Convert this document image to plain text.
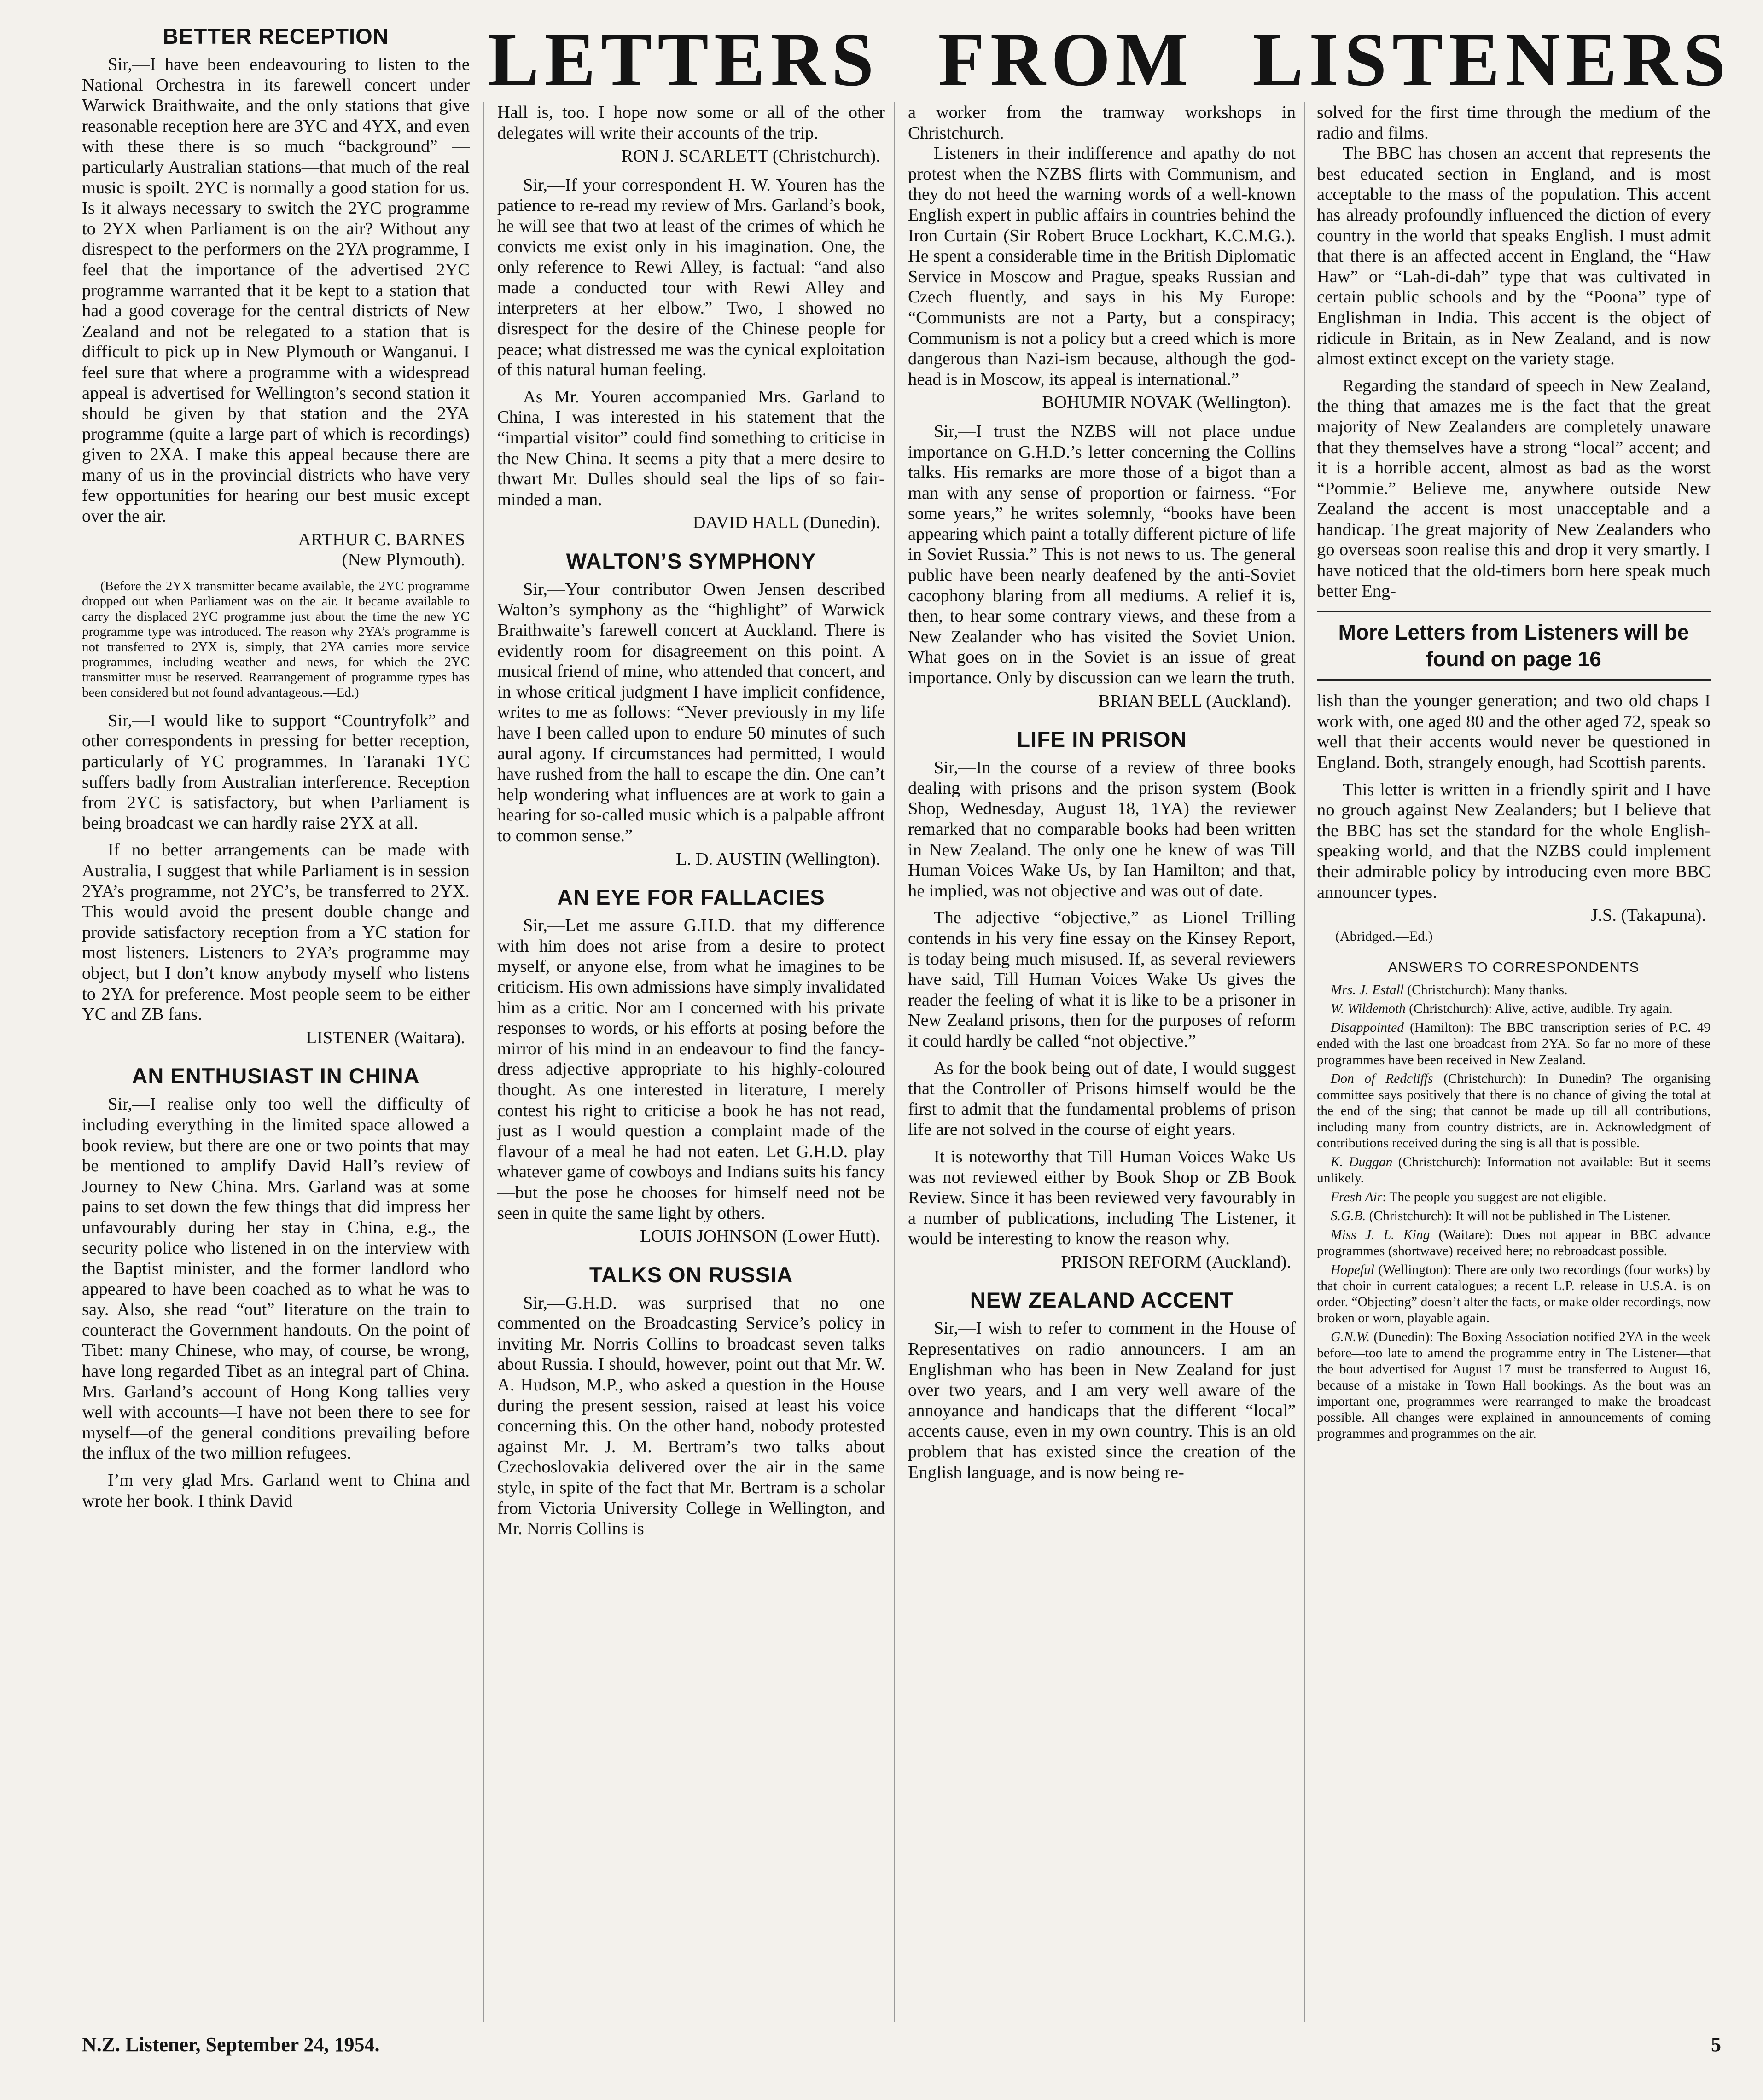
LETTERS FROM LISTENERS
BETTER RECEPTION

Sir,—I have been endeavouring to listen to the National Orchestra in its farewell concert under Warwick Braithwaite, and the only stations that give reasonable reception here are 3YC and 4YX, and even with these there is so much “background” — particularly Australian stations—that much of the real music is spoilt. 2YC is normally a good station for us. Is it always necessary to switch the 2YC programme to 2YX when Parliament is on the air? Without any disrespect to the performers on the 2YA programme, I feel that the importance of the advertised 2YC programme warranted that it be kept to a station that had a good coverage for the central districts of New Zealand and not be relegated to a station that is difficult to pick up in New Plymouth or Wanganui. I feel sure that where a programme with a widespread appeal is advertised for Wellington’s second station it should be given by that station and the 2YA programme (quite a large part of which is recordings) given to 2XA. I make this appeal because there are many of us in the provincial districts who have very few opportunities for hearing our best music except over the air.

ARTHUR C. BARNES

(New Plymouth).

(Before the 2YX transmitter became available, the 2YC programme dropped out when Parliament was on the air. It became available to carry the displaced 2YC programme just about the time the new YC programme type was introduced. The reason why 2YA’s programme is not transferred to 2YX is, simply, that 2YA carries more service programmes, including weather and news, for which the 2YC transmitter must be reserved. Rearrangement of programme types has been considered but not found advantageous.—Ed.)

Sir,—I would like to support “Countryfolk” and other correspondents in pressing for better reception, particularly of YC programmes. In Taranaki 1YC suffers badly from Australian interference. Reception from 2YC is satisfactory, but when Parliament is being broadcast we can hardly raise 2YX at all.

If no better arrangements can be made with Australia, I suggest that while Parliament is in session 2YA’s programme, not 2YC’s, be transferred to 2YX. This would avoid the present double change and provide satisfactory reception from a YC station for most listeners. Listeners to 2YA’s programme may object, but I don’t know anybody myself who listens to 2YA for preference. Most people seem to be either YC and ZB fans.

LISTENER (Waitara).

AN ENTHUSIAST IN CHINA

Sir,—I realise only too well the difficulty of including everything in the limited space allowed a book review, but there are one or two points that may be mentioned to amplify David Hall’s review of Journey to New China. Mrs. Garland was at some pains to set down the few things that did impress her unfavourably during her stay in China, e.g., the security police who listened in on the interview with the Baptist minister, and the former landlord who appeared to have been coached as to what he was to say. Also, she read “out” literature on the train to counteract the Government handouts. On the point of Tibet: many Chinese, who may, of course, be wrong, have long regarded Tibet as an integral part of China. Mrs. Garland’s account of Hong Kong tallies very well with accounts—I have not been there to see for myself—of the general conditions prevailing before the influx of the two million refugees.

I’m very glad Mrs. Garland went to China and wrote her book. I think David

Hall is, too. I hope now some or all of the other delegates will write their accounts of the trip.

RON J. SCARLETT (Christchurch).

Sir,—If your correspondent H. W. Youren has the patience to re-read my review of Mrs. Garland’s book, he will see that two at least of the crimes of which he convicts me exist only in his imagination. One, the only reference to Rewi Alley, is factual: “and also made a conducted tour with Rewi Alley and interpreters at her elbow.” Two, I showed no disrespect for the desire of the Chinese people for peace; what distressed me was the cynical exploitation of this natural human feeling.

As Mr. Youren accompanied Mrs. Garland to China, I was interested in his statement that the “impartial visitor” could find something to criticise in the New China. It seems a pity that a mere desire to thwart Mr. Dulles should seal the lips of so fair-minded a man.

DAVID HALL (Dunedin).

WALTON’S SYMPHONY

Sir,—Your contributor Owen Jensen described Walton’s symphony as the “highlight” of Warwick Braithwaite’s farewell concert at Auckland. There is evidently room for disagreement on this point. A musical friend of mine, who attended that concert, and in whose critical judgment I have implicit confidence, writes to me as follows: “Never previously in my life have I been called upon to endure 50 minutes of such aural agony. If circumstances had permitted, I would have rushed from the hall to escape the din. One can’t help wondering what influences are at work to gain a hearing for so-called music which is a palpable affront to common sense.”

L. D. AUSTIN (Wellington).

AN EYE FOR FALLACIES

Sir,—Let me assure G.H.D. that my difference with him does not arise from a desire to protect myself, or anyone else, from what he imagines to be criticism. His own admissions have simply invalidated him as a critic. Nor am I concerned with his private responses to words, or his efforts at posing before the mirror of his mind in an endeavour to find the fancy-dress adjective appropriate to his highly-coloured thought. As one interested in literature, I merely contest his right to criticise a book he has not read, just as I would question a complaint made of the flavour of a meal he had not eaten. Let G.H.D. play whatever game of cowboys and Indians suits his fancy—but the pose he chooses for himself need not be seen in quite the same light by others.

LOUIS JOHNSON (Lower Hutt).

TALKS ON RUSSIA

Sir,—G.H.D. was surprised that no one commented on the Broadcasting Service’s policy in inviting Mr. Norris Collins to broadcast seven talks about Russia. I should, however, point out that Mr. W. A. Hudson, M.P., who asked a question in the House during the present session, raised at least his voice concerning this. On the other hand, nobody protested against Mr. J. M. Bertram’s two talks about Czechoslovakia delivered over the air in the same style, in spite of the fact that Mr. Bertram is a scholar from Victoria University College in Wellington, and Mr. Norris Collins is

a worker from the tramway workshops in Christchurch.

Listeners in their indifference and apathy do not protest when the NZBS flirts with Communism, and they do not heed the warning words of a well-known English expert in public affairs in countries behind the Iron Curtain (Sir Robert Bruce Lockhart, K.C.M.G.). He spent a considerable time in the British Diplomatic Service in Moscow and Prague, speaks Russian and Czech fluently, and says in his My Europe: “Communists are not a Party, but a conspiracy; Communism is not a policy but a creed which is more dangerous than Nazi-ism because, although the god-head is in Moscow, its appeal is international.”

BOHUMIR NOVAK (Wellington).

Sir,—I trust the NZBS will not place undue importance on G.H.D.’s letter concerning the Collins talks. His remarks are more those of a bigot than a man with any sense of proportion or fairness. “For some years,” he writes solemnly, “books have been appearing which paint a totally different picture of life in Soviet Russia.” This is not news to us. The general public have been nearly deafened by the anti-Soviet cacophony blaring from all mediums. A relief it is, then, to hear some contrary views, and these from a New Zealander who has visited the Soviet Union. What goes on in the Soviet is an issue of great importance. Only by discussion can we learn the truth.

BRIAN BELL (Auckland).

LIFE IN PRISON

Sir,—In the course of a review of three books dealing with prisons and the prison system (Book Shop, Wednesday, August 18, 1YA) the reviewer remarked that no comparable books had been written in New Zealand. The only one he knew of was Till Human Voices Wake Us, by Ian Hamilton; and that, he implied, was not objective and was out of date.

The adjective “objective,” as Lionel Trilling contends in his very fine essay on the Kinsey Report, is today being much misused. If, as several reviewers have said, Till Human Voices Wake Us gives the reader the feeling of what it is like to be a prisoner in New Zealand prisons, then for the purposes of reform it could hardly be called “not objective.”

As for the book being out of date, I would suggest that the Controller of Prisons himself would be the first to admit that the fundamental problems of prison life are not solved in the course of eight years.

It is noteworthy that Till Human Voices Wake Us was not reviewed either by Book Shop or ZB Book Review. Since it has been reviewed very favourably in a number of publications, including The Listener, it would be interesting to know the reason why.

PRISON REFORM (Auckland).

NEW ZEALAND ACCENT

Sir,—I wish to refer to comment in the House of Representatives on radio announcers. I am an Englishman who has been in New Zealand for just over two years, and I am very well aware of the annoyance and handicaps that the different “local” accents cause, even in my own country. This is an old problem that has existed since the creation of the English language, and is now being re-

solved for the first time through the medium of the radio and films.

The BBC has chosen an accent that represents the best educated section in England, and is most acceptable to the mass of the population. This accent has already profoundly influenced the diction of every country in the world that speaks English. I must admit that there is an affected accent in England, the “Haw Haw” or “Lah-di-dah” type that was cultivated in certain public schools and by the “Poona” type of Englishman in India. This accent is the object of ridicule in Britain, as in New Zealand, and is now almost extinct except on the variety stage.

Regarding the standard of speech in New Zealand, the thing that amazes me is the fact that the great majority of New Zealanders are completely unaware that they themselves have a strong “local” accent; and it is a horrible accent, almost as bad as the worst “Pommie.” Believe me, anywhere outside New Zealand the accent is most unacceptable and a handicap. The great majority of New Zealanders who go overseas soon realise this and drop it very smartly. I have noticed that the old-timers born here speak much better Eng-

More Letters from Listeners will be
found on page 16

lish than the younger generation; and two old chaps I work with, one aged 80 and the other aged 72, speak so well that their accents would never be questioned in England. Both, strangely enough, had Scottish parents.

This letter is written in a friendly spirit and I have no grouch against New Zealanders; but I believe that the BBC has set the standard for the whole English-speaking world, and that the NZBS could implement their admirable policy by introducing even more BBC announcer types.

J.S. (Takapuna).

(Abridged.—Ed.)

ANSWERS TO CORRESPONDENTS

Mrs. J. Estall (Christchurch): Many thanks.

W. Wildemoth (Christchurch): Alive, active, audible. Try again.

Disappointed (Hamilton): The BBC transcription series of P.C. 49 ended with the last one broadcast from 2YA. So far no more of these programmes have been received in New Zealand.

Don of Redcliffs (Christchurch): In Dunedin? The organising committee says positively that there is no chance of giving the total at the end of the sing; that cannot be made up till all contributions, including many from country districts, are in. Acknowledgment of contributions received during the sing is all that is possible.

K. Duggan (Christchurch): Information not available: But it seems unlikely.

Fresh Air: The people you suggest are not eligible.

S.G.B. (Christchurch): It will not be published in The Listener.

Miss J. L. King (Waitare): Does not appear in BBC advance programmes (shortwave) received here; no rebroadcast possible.

Hopeful (Wellington): There are only two recordings (four works) by that choir in current catalogues; a recent L.P. release in U.S.A. is on order. “Objecting” doesn’t alter the facts, or make older recordings, now broken or worn, playable again.

G.N.W. (Dunedin): The Boxing Association notified 2YA in the week before—too late to amend the programme entry in The Listener—that the bout advertised for August 17 must be transferred to August 16, because of a mistake in Town Hall bookings. As the bout was an important one, programmes were rearranged to make the broadcast possible. All changes were explained in announcements of coming programmes and programmes on the air.

N.Z. Listener, September 24, 1954.	5
